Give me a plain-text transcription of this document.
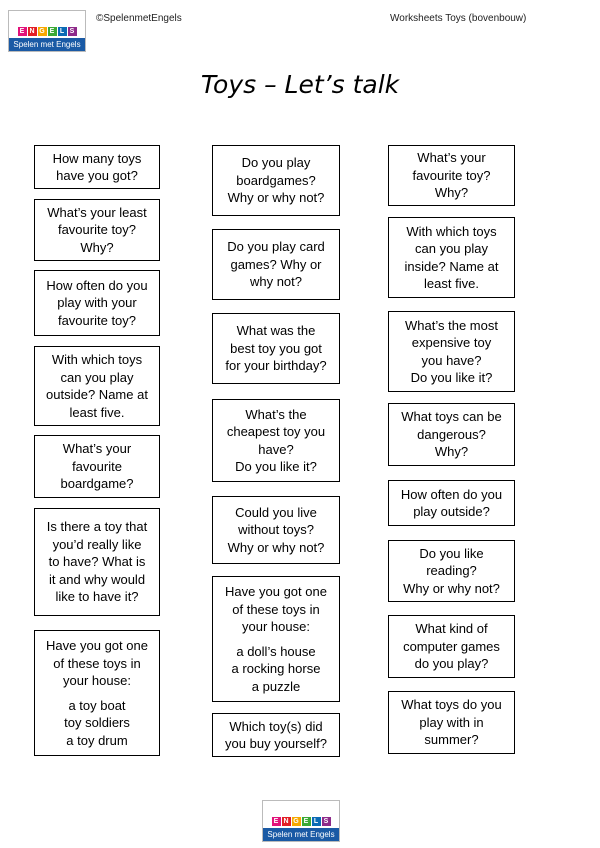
E N G E L S
Spelen met Engels
©SpelenmetEngels	Worksheets Toys (bovenbouw)
Toys – Let’s talk
How many toys
have you got?
What’s your least
favourite toy?
Why?
How often do you
play with your
favourite toy?
With which toys
can you play
outside? Name at
least five.
What’s your
favourite
boardgame?
Is there a toy that
you’d really like
to have? What is
it and why would
like to have it?
Have you got one
of these toys in
your house:
a toy boat
toy soldiers
a toy drum
Do you play
boardgames?
Why or why not?
Do you play card
games? Why or
why not?
What was the
best toy you got
for your birthday?
What’s the
cheapest toy you
have?
Do you like it?
Could you live
without toys?
Why or why not?
Have you got one
of these toys in
your house:
a doll’s house
a rocking horse
a puzzle
Which toy(s) did
you buy yourself?
What’s your
favourite toy?
Why?
With which toys
can you play
inside? Name at
least five.
What’s the most
expensive toy
you have?
Do you like it?
What toys can be
dangerous?
Why?
How often do you
play outside?
Do you like
reading?
Why or why not?
What kind of
computer games
do you play?
What toys do you
play with in
summer?
E N G E L S
Spelen met Engels
